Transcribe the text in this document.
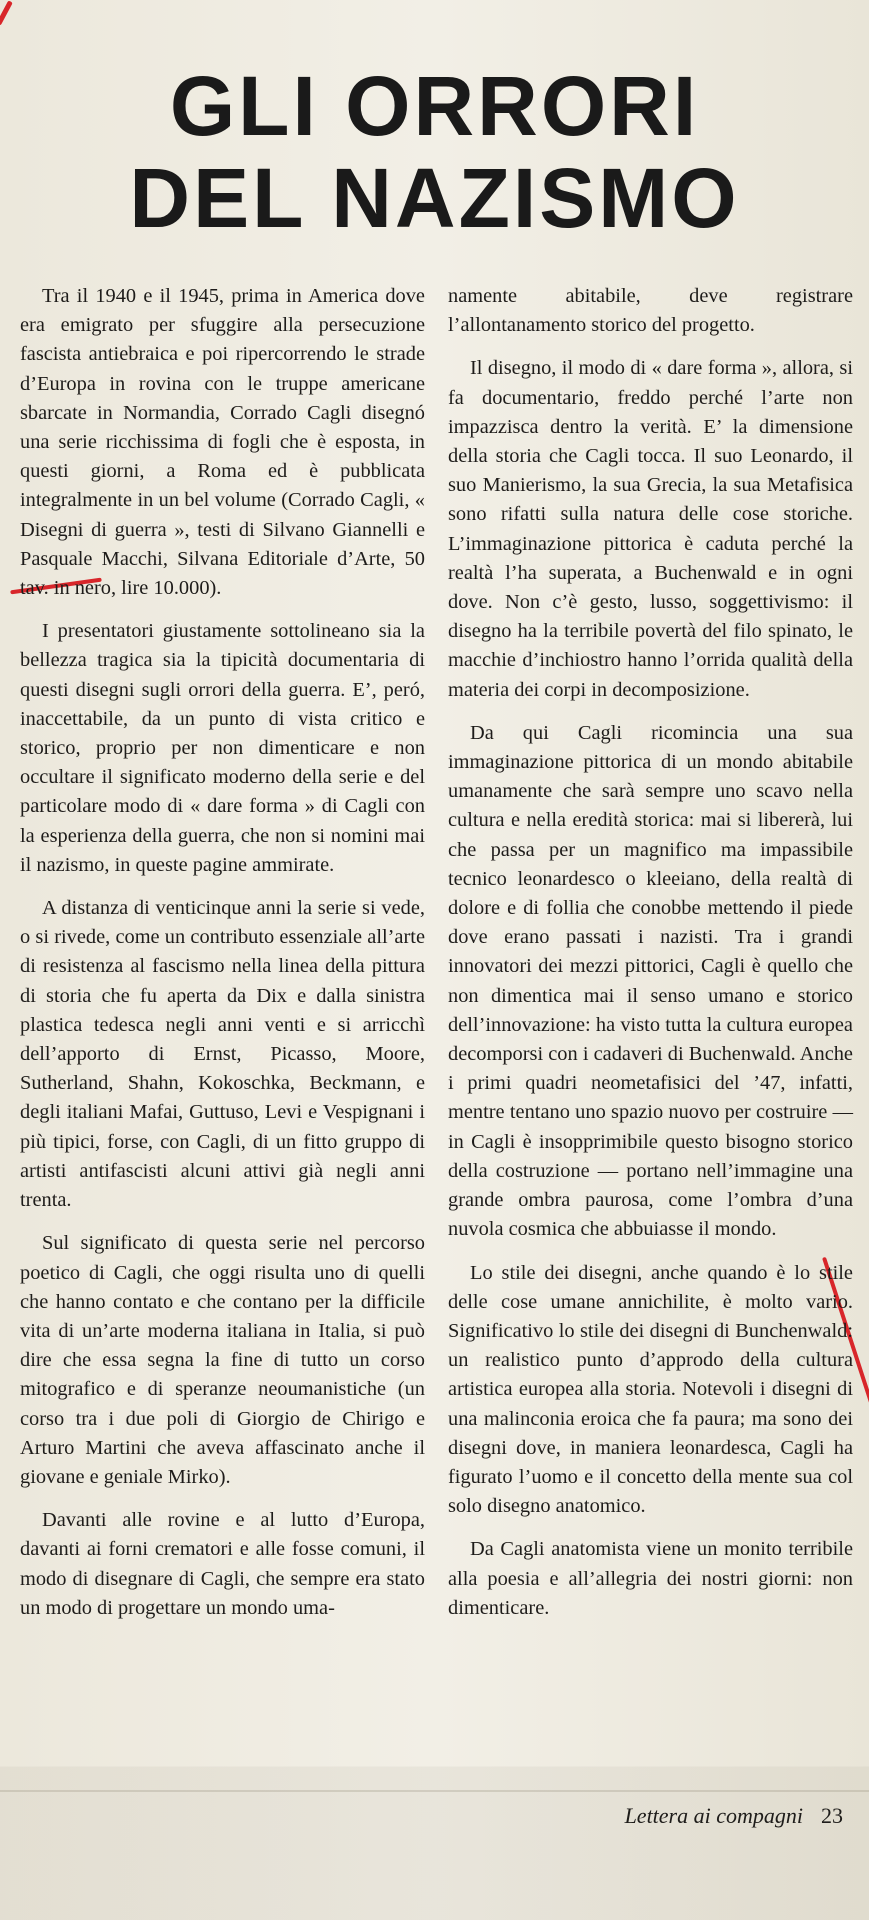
GLI ORRORI
DEL NAZISMO

Tra il 1940 e il 1945, prima in America dove era emigrato per sfuggire alla persecuzione fascista antiebraica e poi ripercorrendo le strade d’Europa in rovina con le truppe americane sbarcate in Normandia, Corrado Cagli disegnó una serie ricchissima di fogli che è esposta, in questi giorni, a Roma ed è pubblicata integralmente in un bel volume (Corrado Cagli, « Disegni di guerra », testi di Silvano Giannelli e Pasquale Macchi, Silvana Editoriale d’Arte, 50 tav. in nero, lire 10.000).

I presentatori giustamente sottolineano sia la bellezza tragica sia la tipicità documentaria di questi disegni sugli orrori della guerra. E’, peró, inaccettabile, da un punto di vista critico e storico, proprio per non dimenticare e non occultare il significato moderno della serie e del particolare modo di « dare forma » di Cagli con la esperienza della guerra, che non si nomini mai il nazismo, in queste pagine ammirate.

A distanza di venticinque anni la serie si vede, o si rivede, come un contributo essenziale all’arte di resistenza al fascismo nella linea della pittura di storia che fu aperta da Dix e dalla sinistra plastica tedesca negli anni venti e si arricchì dell’apporto di Ernst, Picasso, Moore, Sutherland, Shahn, Kokoschka, Beckmann, e degli italiani Mafai, Guttuso, Levi e Vespignani i più tipici, forse, con Cagli, di un fitto gruppo di artisti antifascisti alcuni attivi già negli anni trenta.

Sul significato di questa serie nel percorso poetico di Cagli, che oggi risulta uno di quelli che hanno contato e che contano per la difficile vita di un’arte moderna italiana in Italia, si può dire che essa segna la fine di tutto un corso mitografico e di speranze neoumanistiche (un corso tra i due poli di Giorgio de Chirigo e Arturo Martini che aveva affascinato anche il giovane e geniale Mirko).

Davanti alle rovine e al lutto d’Europa, davanti ai forni crematori e alle fosse comuni, il modo di disegnare di Cagli, che sempre era stato un modo di progettare un mondo uma-

namente abitabile, deve registrare l’allontanamento storico del progetto.

Il disegno, il modo di « dare forma », allora, si fa documentario, freddo perché l’arte non impazzisca dentro la verità. E’ la dimensione della storia che Cagli tocca. Il suo Leonardo, il suo Manierismo, la sua Grecia, la sua Metafisica sono rifatti sulla natura delle cose storiche. L’immaginazione pittorica è caduta perché la realtà l’ha superata, a Buchenwald e in ogni dove. Non c’è gesto, lusso, soggettivismo: il disegno ha la terribile povertà del filo spinato, le macchie d’inchiostro hanno l’orrida qualità della materia dei corpi in decomposizione.

Da qui Cagli ricomincia una sua immaginazione pittorica di un mondo abitabile umanamente che sarà sempre uno scavo nella cultura e nella eredità storica: mai si libererà, lui che passa per un magnifico ma impassibile tecnico leonardesco o kleeiano, della realtà di dolore e di follia che conobbe mettendo il piede dove erano passati i nazisti. Tra i grandi innovatori dei mezzi pittorici, Cagli è quello che non dimentica mai il senso umano e storico dell’innovazione: ha visto tutta la cultura europea decomporsi con i cadaveri di Buchenwald. Anche i primi quadri neometafisici del ’47, infatti, mentre tentano uno spazio nuovo per costruire — in Cagli è insopprimibile questo bisogno storico della costruzione — portano nell’immagine una grande ombra paurosa, come l’ombra d’una nuvola cosmica che abbuiasse il mondo.

Lo stile dei disegni, anche quando è lo stile delle cose umane annichilite, è molto vario. Significativo lo stile dei disegni di Bunchenwald: un realistico punto d’approdo della cultura artistica europea alla storia. Notevoli i disegni di una malinconia eroica che fa paura; ma sono dei disegni dove, in maniera leonardesca, Cagli ha figurato l’uomo e il concetto della mente sua col solo disegno anatomico.

Da Cagli anatomista viene un monito terribile alla poesia e all’allegria dei nostri giorni: non dimenticare.

Lettera ai compagni 23
